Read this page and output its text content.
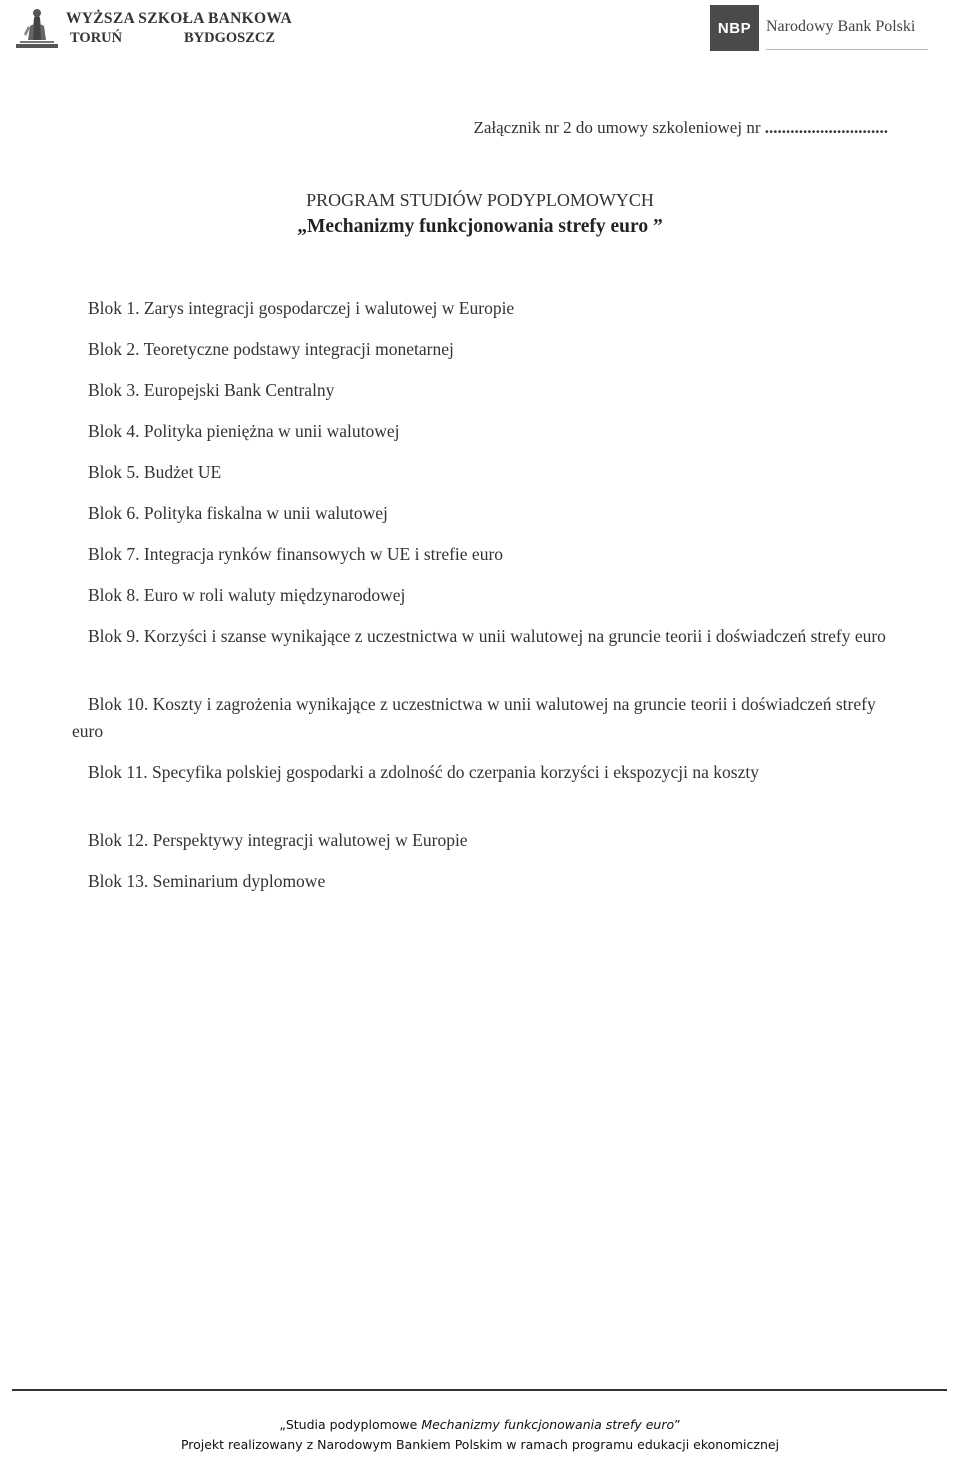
WYŻSZA SZKOŁA BANKOWA
TORUŃ	BYDGOSZCZ
NBP Narodowy Bank Polski
Załącznik nr 2 do umowy szkoleniowej nr .............................
PROGRAM STUDIÓW PODYPLOMOWYCH
„Mechanizmy funkcjonowania strefy euro ”

Blok 1. Zarys integracji gospodarczej i walutowej w Europie

Blok 2. Teoretyczne podstawy integracji monetarnej

Blok 3. Europejski Bank Centralny

Blok 4. Polityka pieniężna w unii walutowej

Blok 5. Budżet UE

Blok 6. Polityka fiskalna w unii walutowej

Blok 7. Integracja rynków finansowych w UE i strefie euro

Blok 8. Euro w roli waluty międzynarodowej

Blok 9. Korzyści i szanse wynikające z uczestnictwa w unii walutowej na gruncie teorii i doświadczeń strefy euro

Blok 10. Koszty i zagrożenia wynikające z uczestnictwa w unii walutowej na gruncie teorii i doświadczeń strefy euro

Blok 11. Specyfika polskiej gospodarki a zdolność do czerpania korzyści i ekspozycji na koszty

Blok 12. Perspektywy integracji walutowej w Europie

Blok 13. Seminarium dyplomowe

„Studia podyplomowe Mechanizmy funkcjonowania strefy euro”
Projekt realizowany z Narodowym Bankiem Polskim w ramach programu edukacji ekonomicznej
